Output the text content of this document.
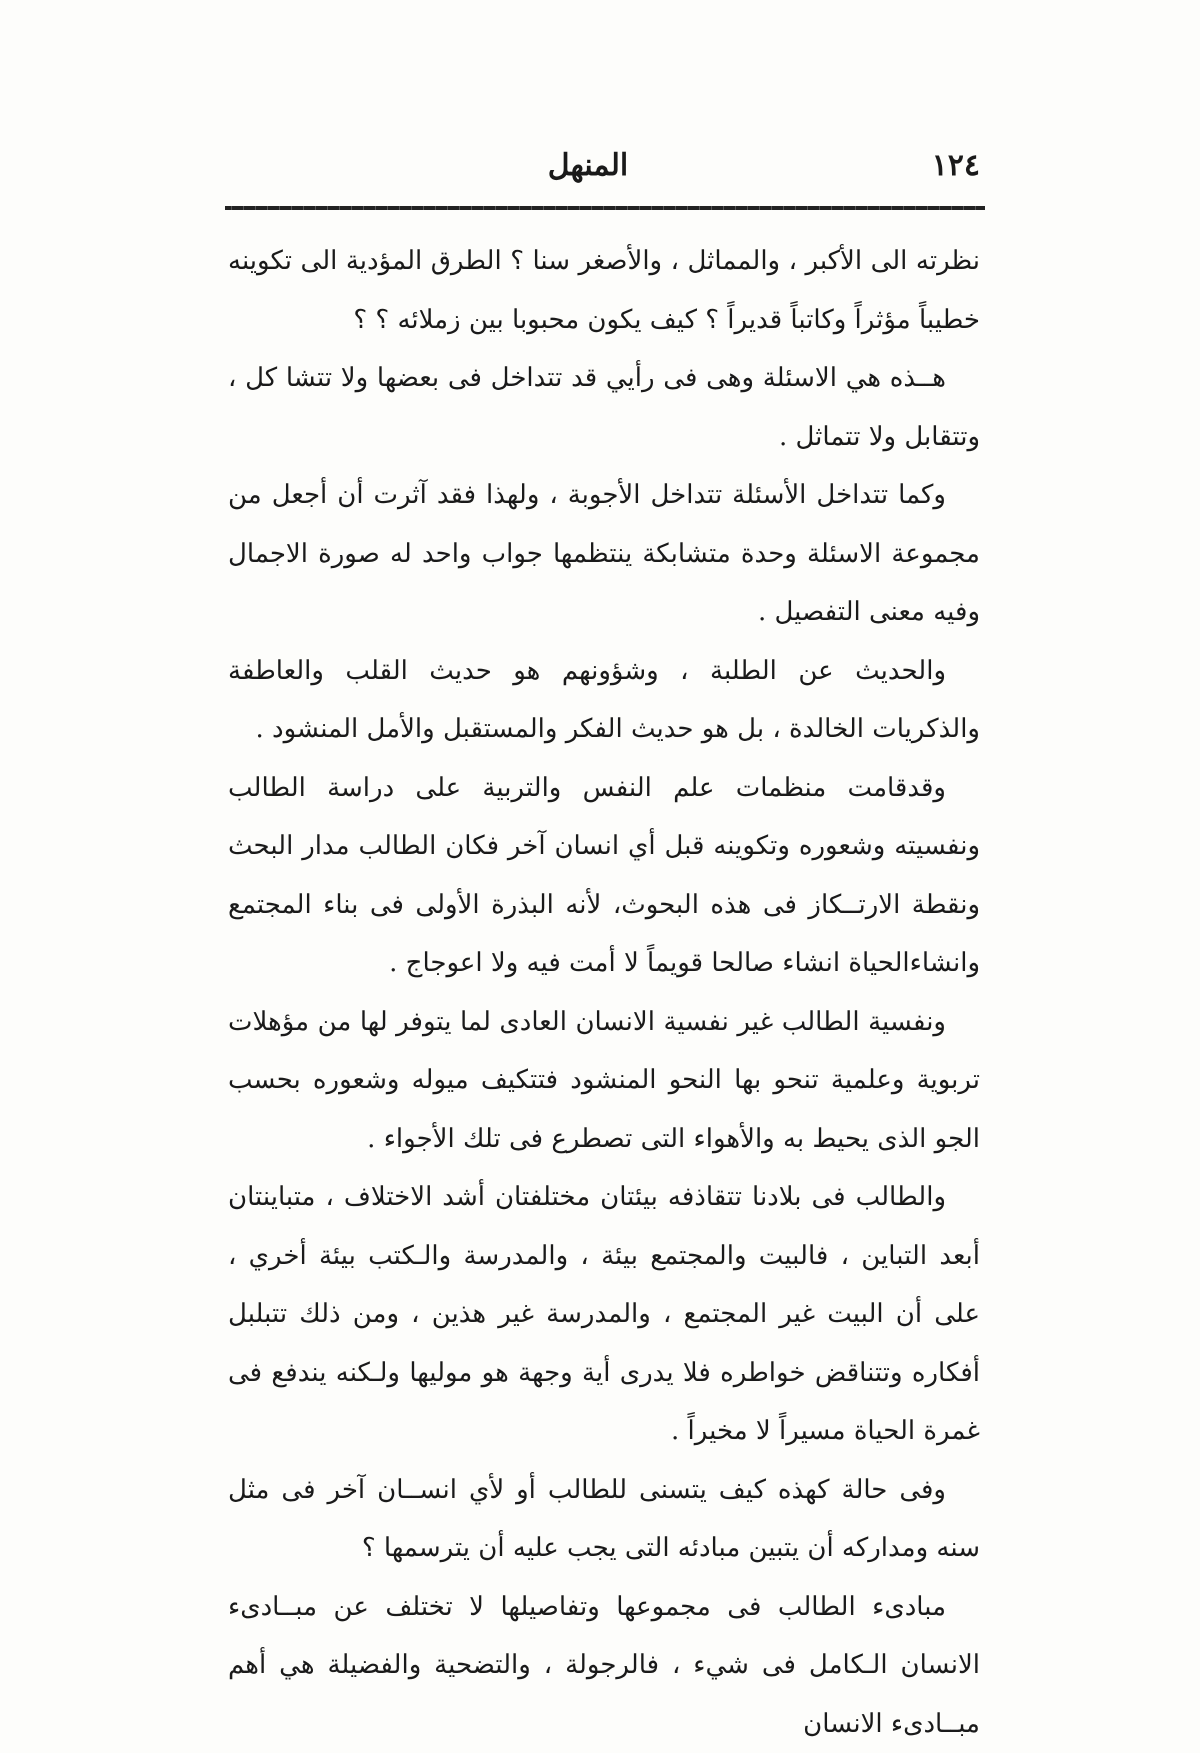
١٢٤
المنهل

نظرته الى الأكبر ، والمماثل ، والأصغر سنا ؟ الطرق المؤدية الى تكوينه خطيباً مؤثراً وكاتباً قديراً ؟ كيف يكون محبوبا بين زملائه ؟ ؟

هــذه هي الاسئلة وهى فى رأيي قد تتداخل فى بعضها ولا تتشا كل ، وتتقابل ولا تتماثل .

وكما تتداخل الأسئلة تتداخل الأجوبة ، ولهذا فقد آثرت أن أجعل من مجموعة الاسئلة وحدة متشابكة ينتظمها جواب واحد له صورة الاجمال وفيه معنى التفصيل .

والحديث عن الطلبة ، وشؤونهم هو حديث القلب والعاطفة والذكريات الخالدة ، بل هو حديث الفكر والمستقبل والأمل المنشود .

وقدقامت منظمات علم النفس والتربية على دراسة الطالب ونفسيته وشعوره وتكوينه قبل أي انسان آخر فكان الطالب مدار البحث ونقطة الارتــكاز فى هذه البحوث، لأنه البذرة الأولى فى بناء المجتمع وانشاءالحياة انشاء صالحا قويماً لا أمت فيه ولا اعوجاج .

ونفسية الطالب غير نفسية الانسان العادى لما يتوفر لها من مؤهلات تربوية وعلمية تنحو بها النحو المنشود فتتكيف ميوله وشعوره بحسب الجو الذى يحيط به والأهواء التى تصطرع فى تلك الأجواء .

والطالب فى بلادنا تتقاذفه بيئتان مختلفتان أشد الاختلاف ، متباينتان أبعد التباين ، فالبيت والمجتمع بيئة ، والمدرسة والـكتب بيئة أخري ، على أن البيت غير المجتمع ، والمدرسة غير هذين ، ومن ذلك تتبلبل أفكاره وتتناقض خواطره فلا يدرى أية وجهة هو موليها ولـكنه يندفع فى غمرة الحياة مسيراً لا مخيراً .

وفى حالة كهذه كيف يتسنى للطالب أو لأي انســان آخر فى مثل سنه ومداركه أن يتبين مبادئه التى يجب عليه أن يترسمها ؟

مبادىء الطالب فى مجموعها وتفاصيلها لا تختلف عن مبــادىء الانسان الـكامل فى شيء ، فالرجولة ، والتضحية والفضيلة هي أهم مبــادىء الانسان
